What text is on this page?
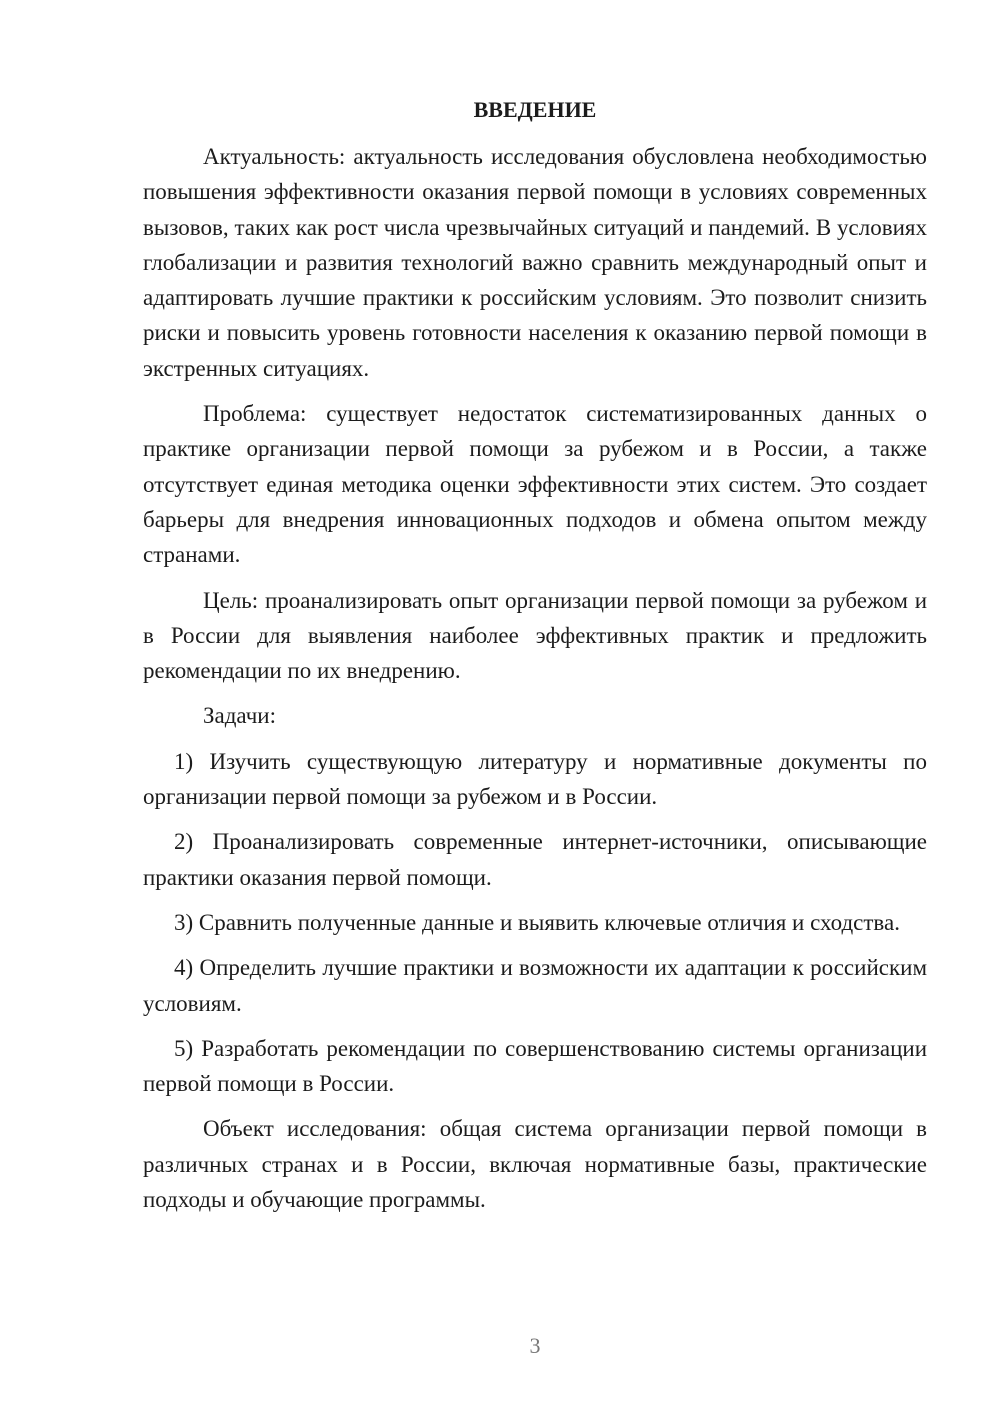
ВВЕДЕНИЕ

Актуальность: актуальность исследования обусловлена необходимостью повышения эффективности оказания первой помощи в условиях современных вызовов, таких как рост числа чрезвычайных ситуаций и пандемий. В условиях глобализации и развития технологий важно сравнить международный опыт и адаптировать лучшие практики к российским условиям. Это позволит снизить риски и повысить уровень готовности населения к оказанию первой помощи в экстренных ситуациях.

Проблема: существует недостаток систематизированных данных о практике организации первой помощи за рубежом и в России, а также отсутствует единая методика оценки эффективности этих систем. Это создает барьеры для внедрения инновационных подходов и обмена опытом между странами.

Цель: проанализировать опыт организации первой помощи за рубежом и в России для выявления наиболее эффективных практик и предложить рекомендации по их внедрению.

Задачи:

1) Изучить существующую литературу и нормативные документы по организации первой помощи за рубежом и в России.

2) Проанализировать современные интернет-источники, описывающие практики оказания первой помощи.

3) Сравнить полученные данные и выявить ключевые отличия и сходства.

4) Определить лучшие практики и возможности их адаптации к российским условиям.

5) Разработать рекомендации по совершенствованию системы организации первой помощи в России.

Объект исследования: общая система организации первой помощи в различных странах и в России, включая нормативные базы, практические подходы и обучающие программы.

3
